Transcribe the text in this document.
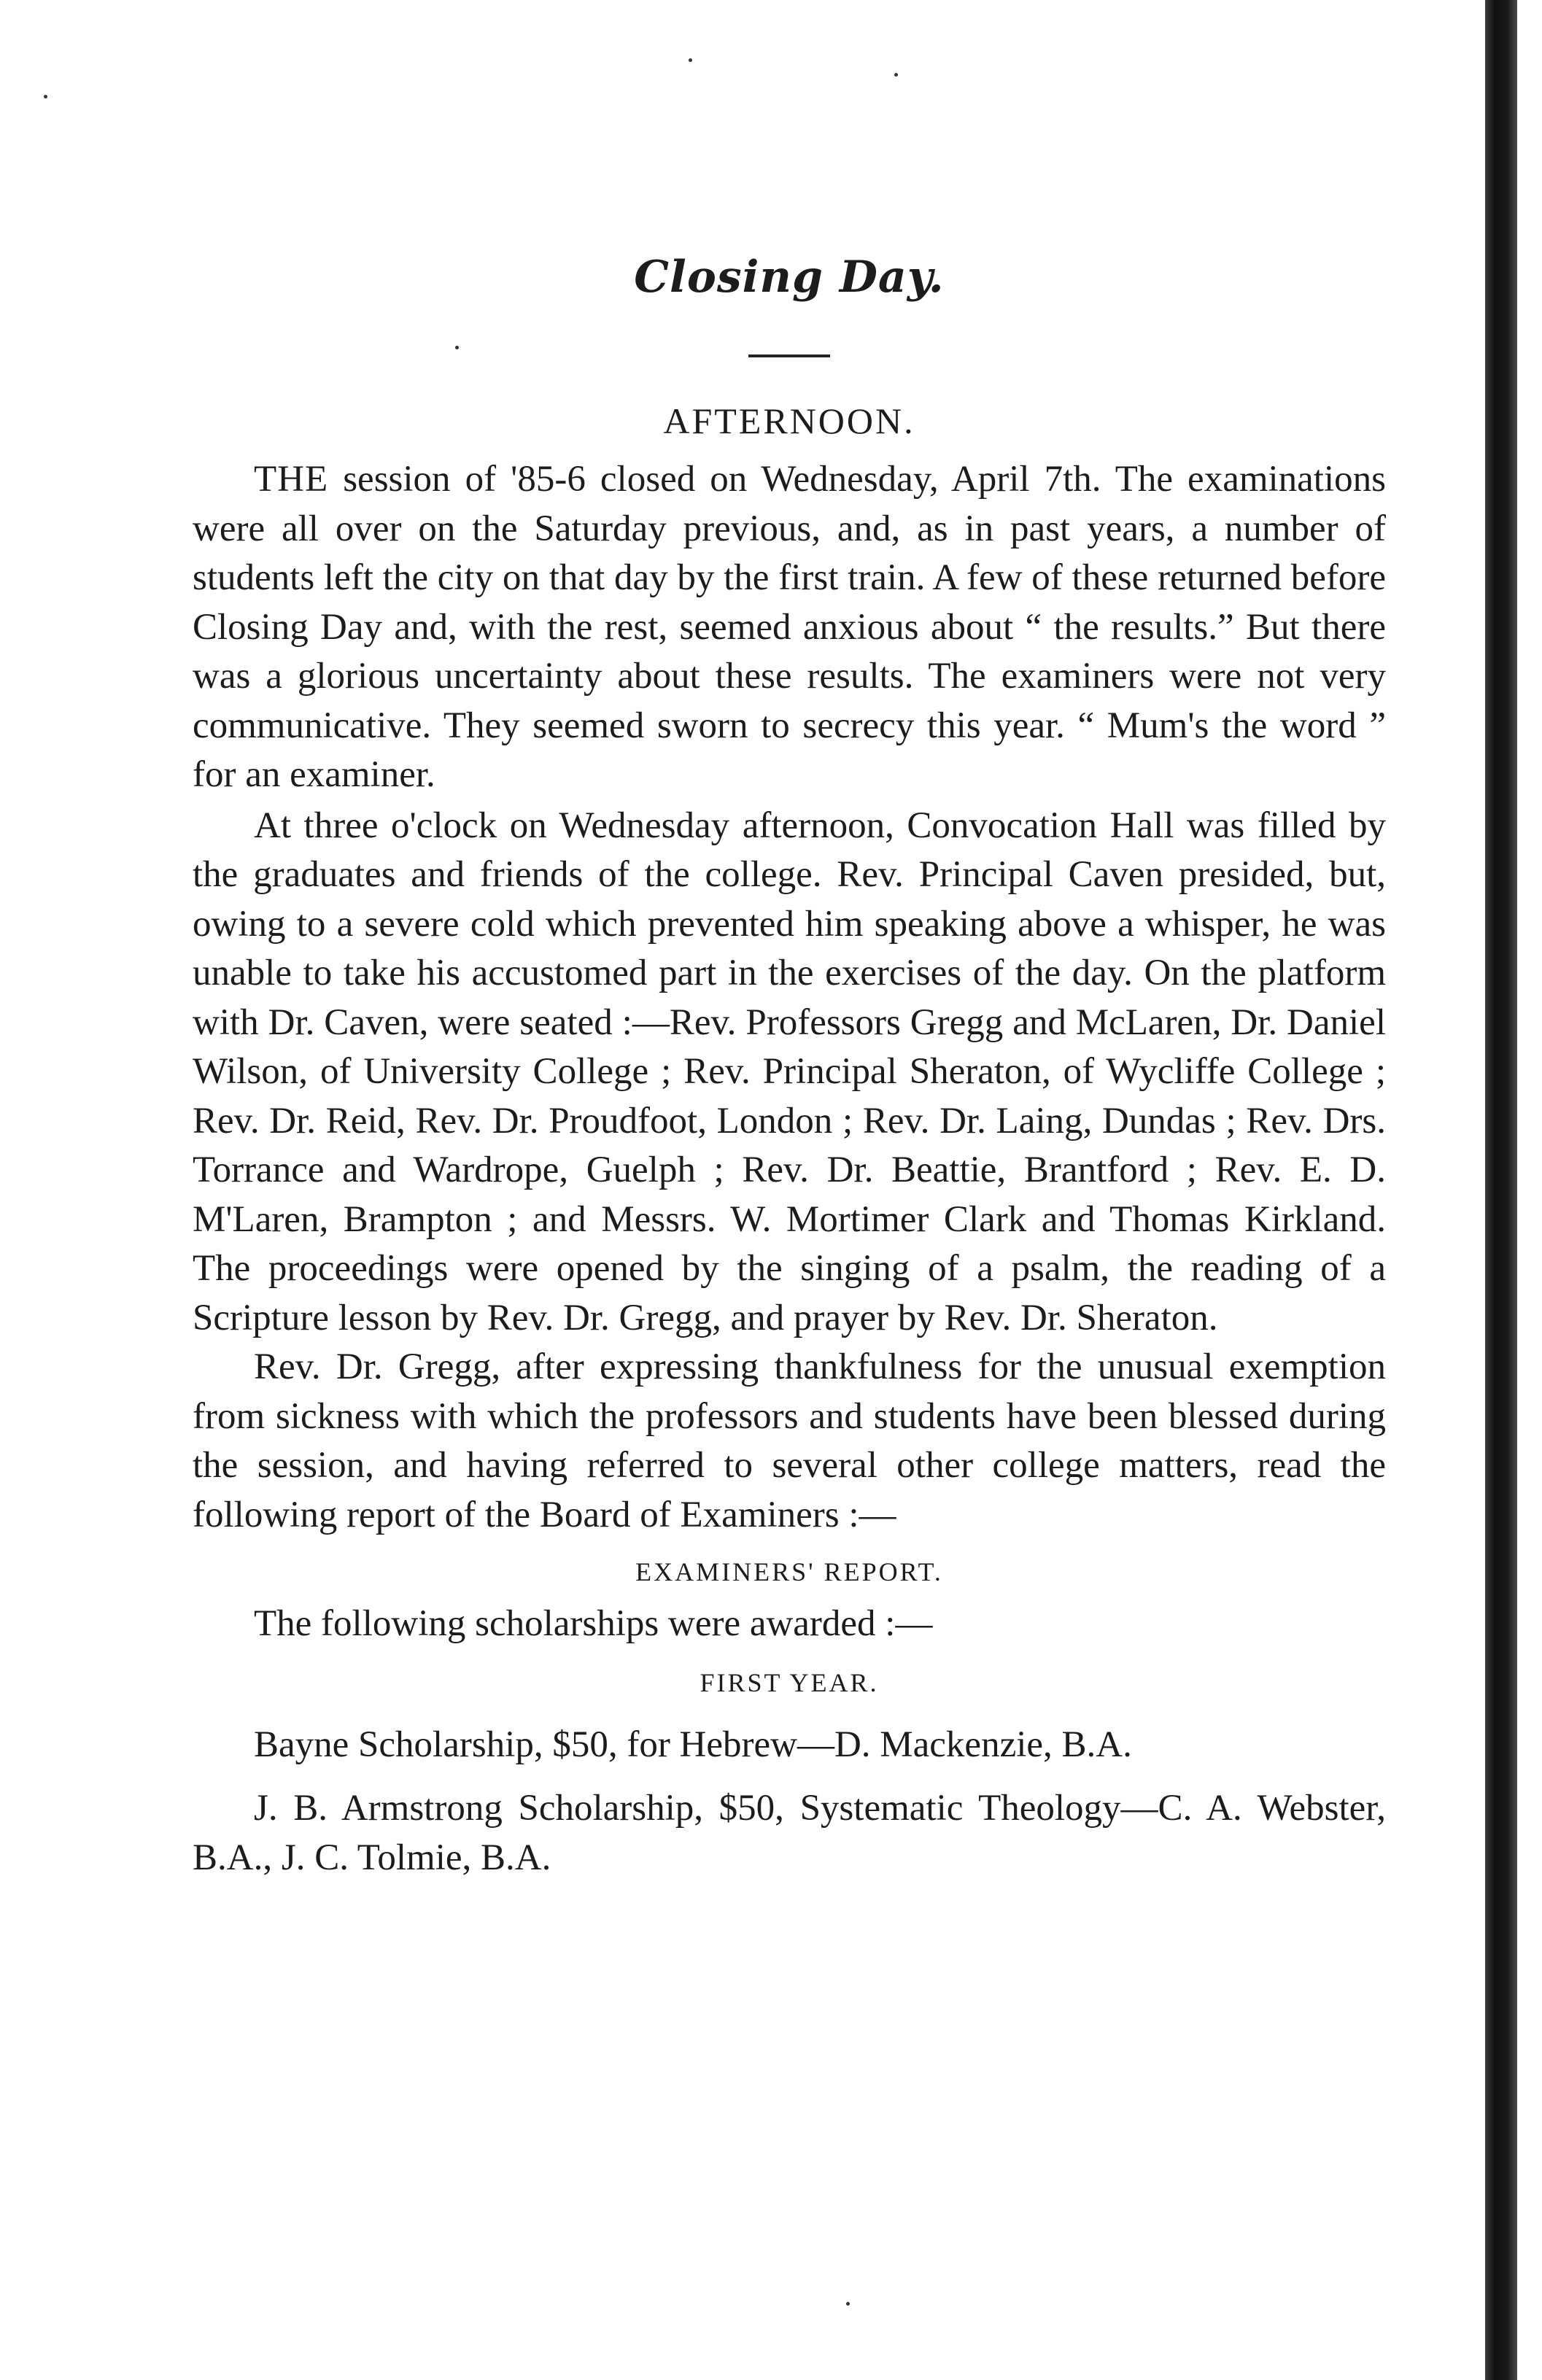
Closing Day.
AFTERNOON.

THE session of '85-6 closed on Wednesday, April 7th. The examinations were all over on the Saturday previous, and, as in past years, a number of students left the city on that day by the first train. A few of these returned before Closing Day and, with the rest, seemed anxious about “ the results.” But there was a glorious uncertainty about these results. The examiners were not very communicative. They seemed sworn to secrecy this year. “ Mum's the word ” for an examiner.

At three o'clock on Wednesday afternoon, Convocation Hall was filled by the graduates and friends of the college. Rev. Principal Caven presided, but, owing to a severe cold which prevented him speaking above a whisper, he was unable to take his accustomed part in the exercises of the day. On the platform with Dr. Caven, were seated :—Rev. Professors Gregg and McLaren, Dr. Daniel Wilson, of University College ; Rev. Principal Sheraton, of Wycliffe College ; Rev. Dr. Reid, Rev. Dr. Proudfoot, London ; Rev. Dr. Laing, Dundas ; Rev. Drs. Torrance and Wardrope, Guelph ; Rev. Dr. Beattie, Brantford ; Rev. E. D. M'Laren, Brampton ; and Messrs. W. Mortimer Clark and Thomas Kirkland. The proceedings were opened by the singing of a psalm, the reading of a Scripture lesson by Rev. Dr. Gregg, and prayer by Rev. Dr. Sheraton.

Rev. Dr. Gregg, after expressing thankfulness for the unusual exemption from sickness with which the professors and students have been blessed during the session, and having referred to several other college matters, read the following report of the Board of Examiners :—

EXAMINERS' REPORT.

The following scholarships were awarded :—

FIRST YEAR.

Bayne Scholarship, $50, for Hebrew—D. Mackenzie, B.A.

J. B. Armstrong Scholarship, $50, Systematic Theology—C. A. Webster, B.A., J. C. Tolmie, B.A.
